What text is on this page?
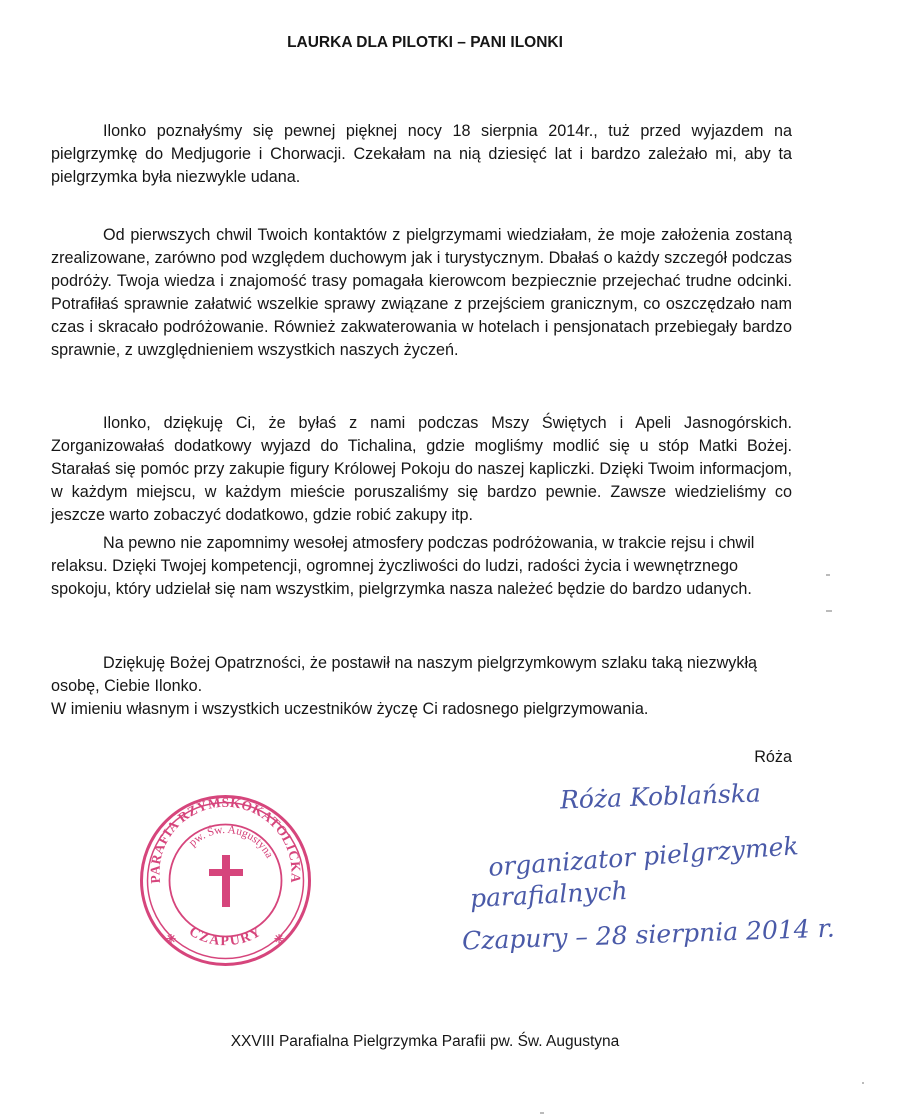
LAURKA DLA PILOTKI – PANI ILONKI

Ilonko poznałyśmy się pewnej pięknej nocy 18 sierpnia 2014r., tuż przed wyjazdem na pielgrzymkę do Medjugorie i Chorwacji. Czekałam na nią dziesięć lat i bardzo zależało mi, aby ta pielgrzymka była niezwykle udana.

Od pierwszych chwil Twoich kontaktów z pielgrzymami wiedziałam, że moje założenia zostaną zrealizowane, zarówno pod względem duchowym jak i turystycznym. Dbałaś o każdy szczegół podczas podróży. Twoja wiedza i znajomość trasy pomagała kierowcom bezpiecznie przejechać trudne odcinki. Potrafiłaś sprawnie załatwić wszelkie sprawy związane z przejściem granicznym, co oszczędzało nam czas i skracało podróżowanie. Również zakwaterowania w hotelach i pensjonatach przebiegały bardzo sprawnie, z uwzględnieniem wszystkich naszych życzeń.

Ilonko, dziękuję Ci, że byłaś z nami podczas Mszy Świętych i Apeli Jasnogórskich. Zorganizowałaś dodatkowy wyjazd do Tichalina, gdzie mogliśmy modlić się u stóp Matki Bożej. Starałaś się pomóc przy zakupie figury Królowej Pokoju do naszej kapliczki. Dzięki Twoim informacjom, w każdym miejscu, w każdym mieście poruszaliśmy się bardzo pewnie. Zawsze wiedzieliśmy co jeszcze warto zobaczyć dodatkowo, gdzie robić zakupy itp.

Na pewno nie zapomnimy wesołej atmosfery podczas podróżowania, w trakcie rejsu i chwil relaksu. Dzięki Twojej kompetencji, ogromnej życzliwości do ludzi, radości życia i wewnętrznego spokoju, który udzielał się nam wszystkim, pielgrzymka nasza należeć będzie do bardzo udanych.

Dziękuję Bożej Opatrzności, że postawił na naszym pielgrzymkowym szlaku taką niezwykłą osobę, Ciebie Ilonko.

W imieniu własnym i wszystkich uczestników życzę Ci radosnego pielgrzymowania.

Róża
Róża Koblańska
organizator pielgrzymek
parafialnych
Czapury – 28 sierpnia 2014 r.
PARAFIA RZYMSKOKATOLICKA
pw. Św. Augustyna
CZAPURY
✳	✳
XXVIII Parafialna Pielgrzymka Parafii pw. Św. Augustyna
